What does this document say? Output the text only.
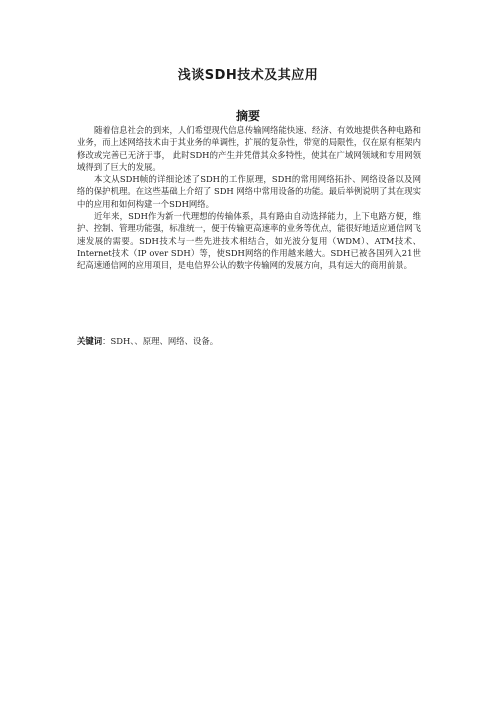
浅谈SDH技术及其应用
摘要

随着信息社会的到来，人们希望现代信息传输网络能快速、经济、有效地提供各种电路和业务，而上述网络技术由于其业务的单调性，扩展的复杂性，带宽的局限性，仅在原有框架内修改或完善已无济于事， 此时SDH的产生并凭借其众多特性，使其在广域网领域和专用网领域得到了巨大的发展。

本文从SDH帧的详细论述了SDH的工作原理，SDH的常用网络拓扑、网络设备以及网络的保护机理。在这些基础上介绍了 SDH 网络中常用设备的功能。最后举例说明了其在现实中的应用和如何构建一个SDH网络。

近年来，SDH作为新一代理想的传输体系，具有路由自动选择能力，上下电路方便，维护、控制、管理功能强，标准统一，便于传输更高速率的业务等优点，能很好地适应通信网飞速发展的需要。SDH技术与一些先进技术相结合，如光波分复用（WDM）、ATM技术、Internet技术（IP over SDH）等，使SDH网络的作用越来越大。SDH已被各国列入21世纪高速通信网的应用项目，是电信界公认的数字传输网的发展方向，具有远大的商用前景。

关键词：SDH、、原理、网络、设备。
